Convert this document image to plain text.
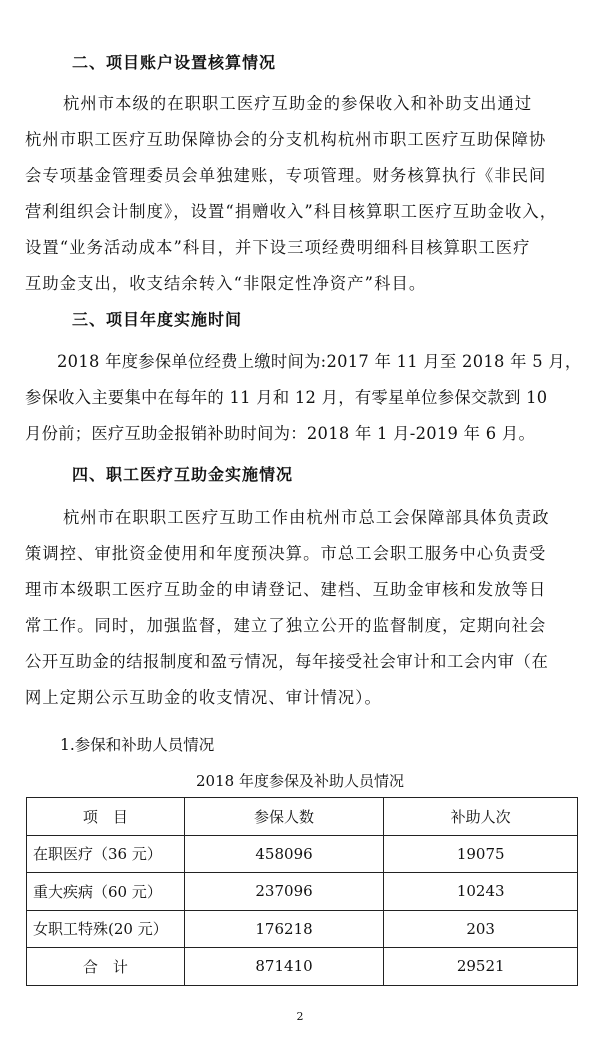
二、项目账户设置核算情况
杭州市本级的在职职工医疗互助金的参保收入和补助支出通过
杭州市职工医疗互助保障协会的分支机构杭州市职工医疗互助保障协
会专项基金管理委员会单独建账，专项管理。财务核算执行《非民间
营利组织会计制度》，设置“捐赠收入”科目核算职工医疗互助金收入，
设置“业务活动成本”科目，并下设三项经费明细科目核算职工医疗
互助金支出，收支结余转入“非限定性净资产”科目。
三、项目年度实施时间
2018 年度参保单位经费上缴时间为:2017 年 11 月至 2018 年 5 月，
参保收入主要集中在每年的 11 月和 12 月，有零星单位参保交款到 10
月份前；医疗互助金报销补助时间为：2018 年 1 月-2019 年 6 月。
四、职工医疗互助金实施情况
杭州市在职职工医疗互助工作由杭州市总工会保障部具体负责政
策调控、审批资金使用和年度预决算。市总工会职工服务中心负责受
理市本级职工医疗互助金的申请登记、建档、互助金审核和发放等日
常工作。同时，加强监督，建立了独立公开的监督制度，定期向社会
公开互助金的结报制度和盈亏情况，每年接受社会审计和工会内审（在
网上定期公示互助金的收支情况、审计情况）。
1.参保和补助人员情况
2018 年度参保及补助人员情况
项　目	参保人数	补助人次
在职医疗（36 元）	458096	19075
重大疾病（60 元）	237096	10243
女职工特殊(20 元）	176218	203
合　计	871410	29521
2
